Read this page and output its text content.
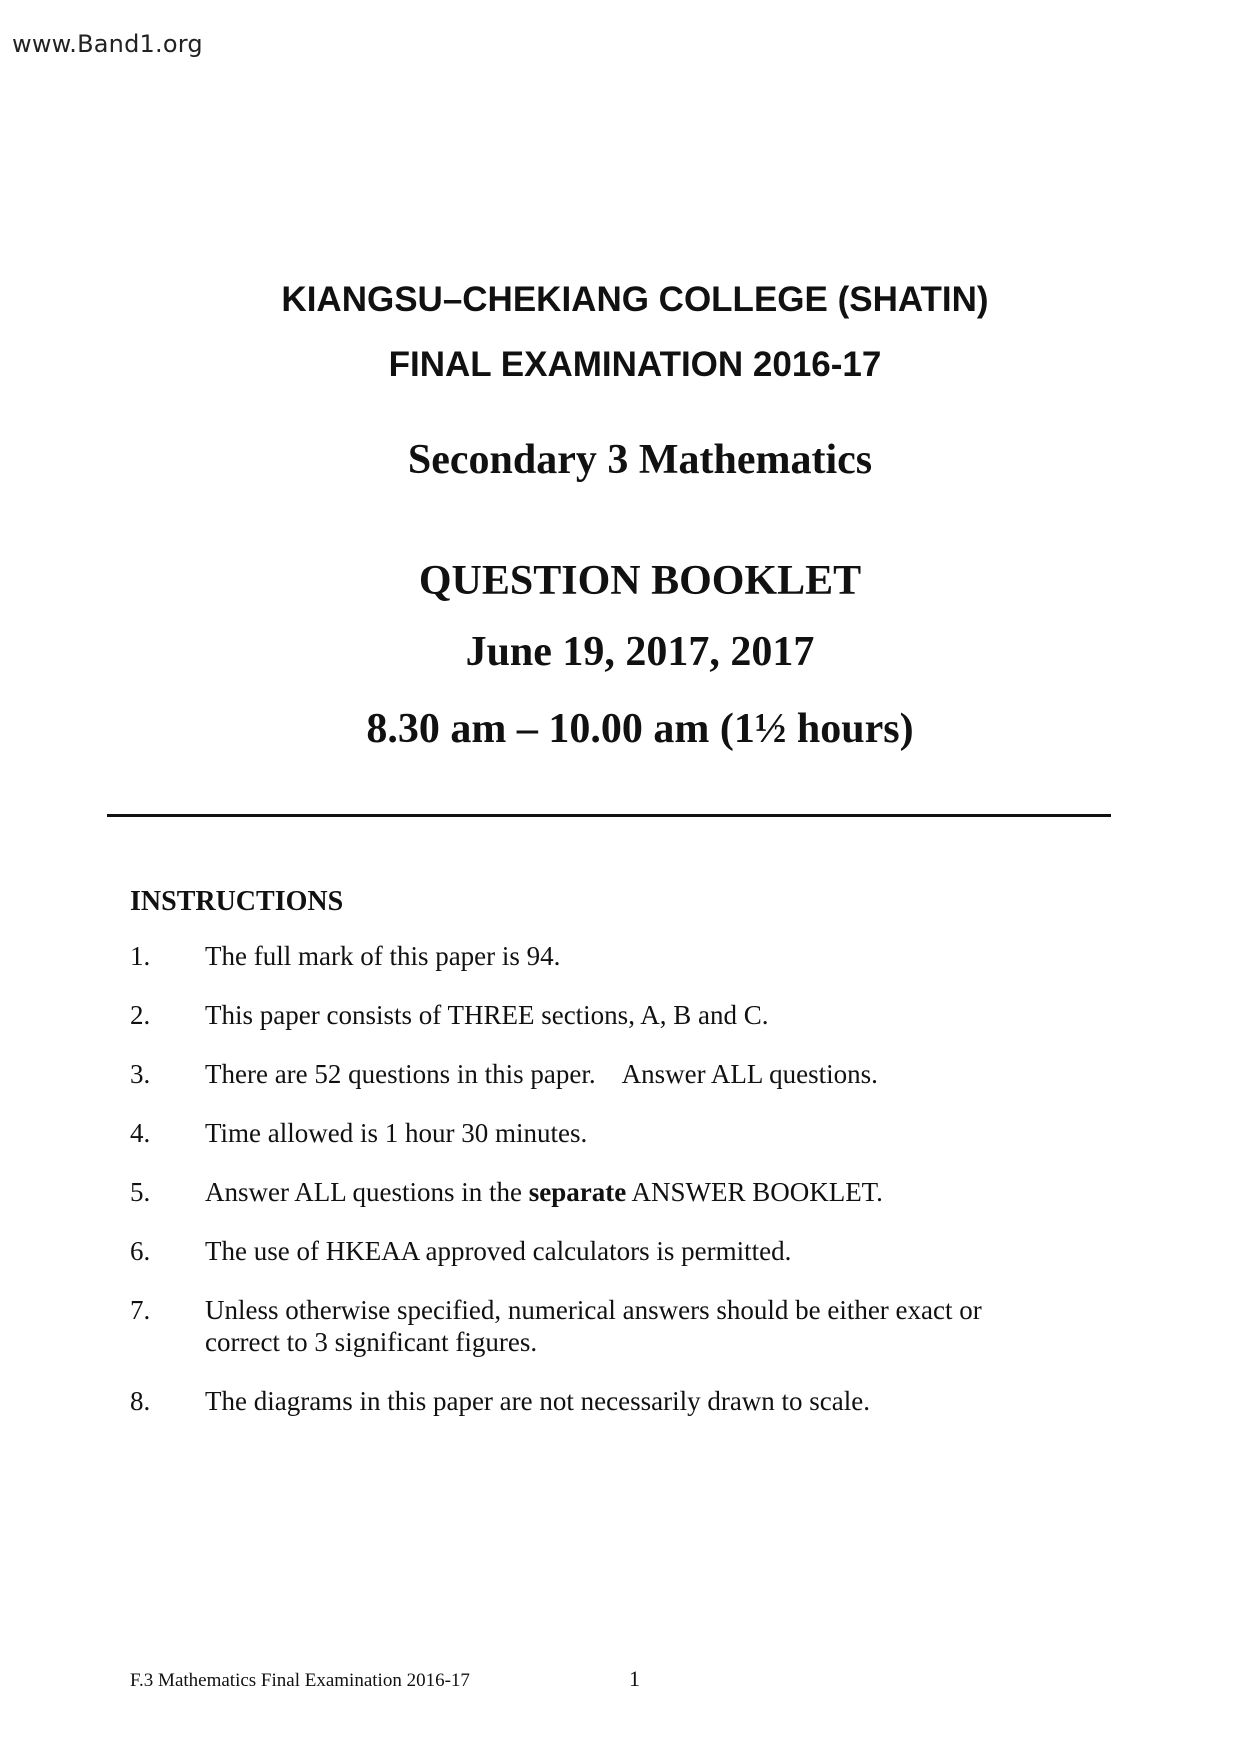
www.Band1.org
KIANGSU–CHEKIANG COLLEGE (SHATIN)
FINAL EXAMINATION 2016-17
Secondary 3 Mathematics
QUESTION BOOKLET
June 19, 2017, 2017
8.30 am – 10.00 am (1½ hours)
INSTRUCTIONS
1. The full mark of this paper is 94.
2. This paper consists of THREE sections, A, B and C.
3. There are 52 questions in this paper. Answer ALL questions.
4. Time allowed is 1 hour 30 minutes.
5. Answer ALL questions in the separate ANSWER BOOKLET.
6. The use of HKEAA approved calculators is permitted.
7. Unless otherwise specified, numerical answers should be either exact or correct to 3 significant figures.
8. The diagrams in this paper are not necessarily drawn to scale.
F.3 Mathematics Final Examination 2016-17	1
